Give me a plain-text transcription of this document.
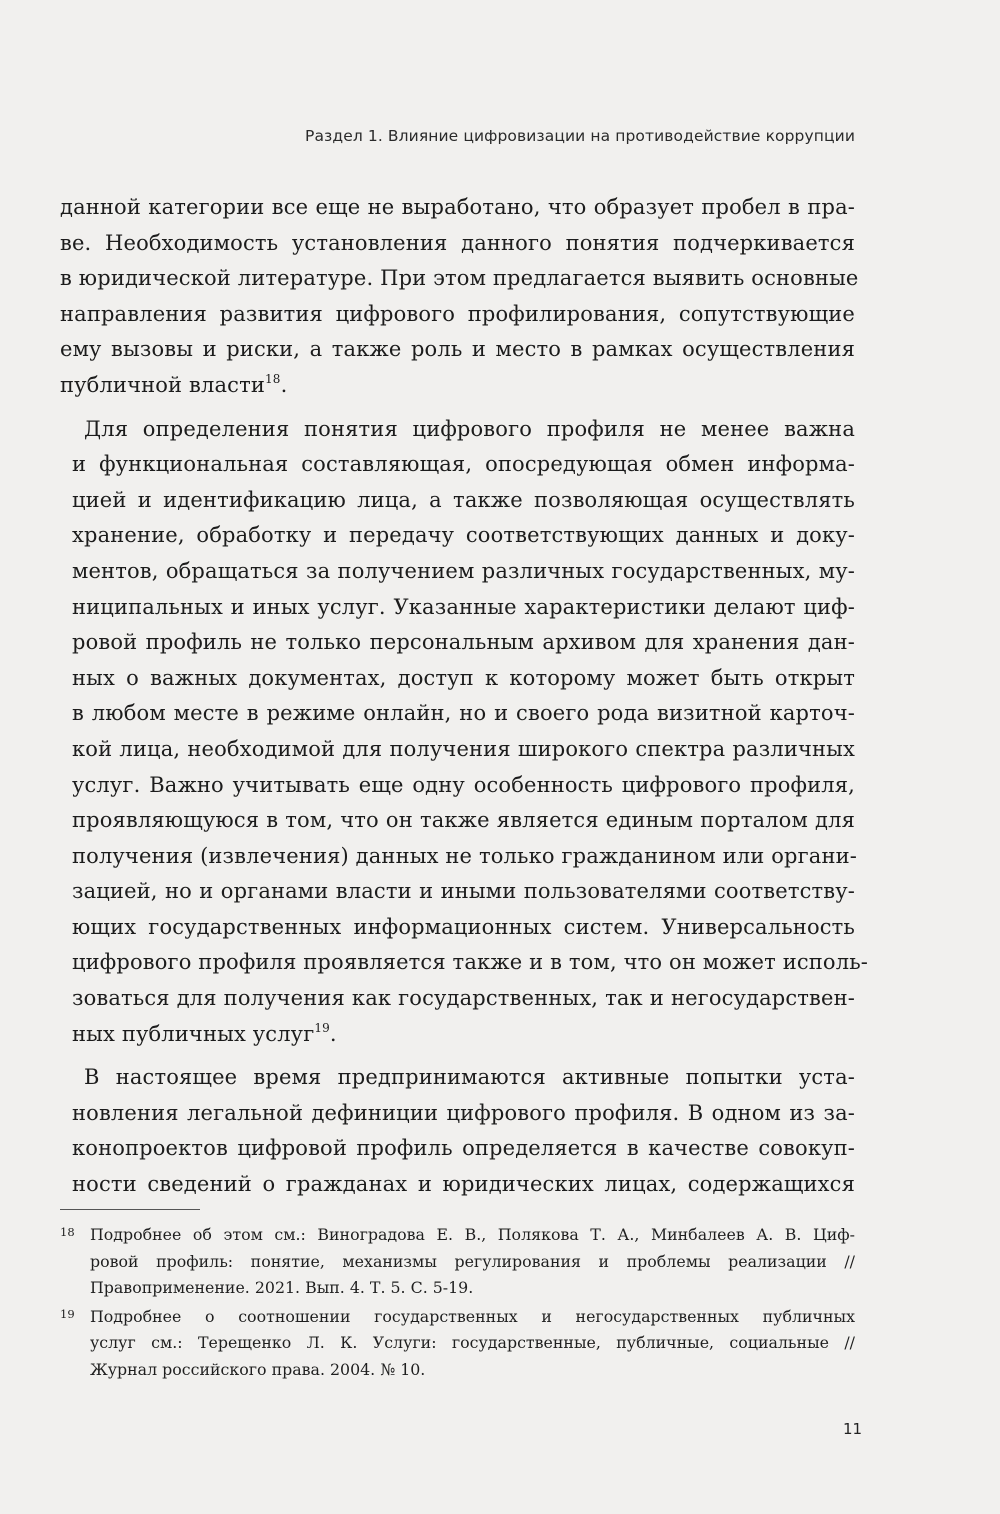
Раздел 1. Влияние цифровизации на противодействие коррупции

данной категории все еще не выработано, что образует пробел в пра-
ве. Необходимость установления данного понятия подчеркивается
в юридической литературе. При этом предлагается выявить основные
направления развития цифрового профилирования, сопутствующие
ему вызовы и риски, а также роль и место в рамках осуществления
публичной власти$^{18}$.

Для определения понятия цифрового профиля не менее важна
и функциональная составляющая, опосредующая обмен информа-
цией и идентификацию лица, а также позволяющая осуществлять
хранение, обработку и передачу соответствующих данных и доку-
ментов, обращаться за получением различных государственных, му-
ниципальных и иных услуг. Указанные характеристики делают циф-
ровой профиль не только персональным архивом для хранения дан-
ных о важных документах, доступ к которому может быть открыт
в любом месте в режиме онлайн, но и своего рода визитной карточ-
кой лица, необходимой для получения широкого спектра различных
услуг. Важно учитывать еще одну особенность цифрового профиля,
проявляющуюся в том, что он также является единым порталом для
получения (извлечения) данных не только гражданином или органи-
зацией, но и органами власти и иными пользователями соответству-
ющих государственных информационных систем. Универсальность
цифрового профиля проявляется также и в том, что он может исполь-
зоваться для получения как государственных, так и негосударствен-
ных публичных услуг$^{19}$.

В настоящее время предпринимаются активные попытки уста-
новления легальной дефиниции цифрового профиля. В одном из за-
конопроектов цифровой профиль определяется в качестве совокуп-
ности сведений о гражданах и юридических лицах, содержащихся

18 Подробнее об этом см.: Виноградова Е. В., Полякова Т. А., Минбалеев А. В. Циф-
ровой профиль: понятие, механизмы регулирования и проблемы реализации //
Правоприменение. 2021. Вып. 4. Т. 5. С. 5-19.
19 Подробнее о соотношении государственных и негосударственных публичных
услуг см.: Терещенко Л. К. Услуги: государственные, публичные, социальные //
Журнал российского права. 2004. № 10.
11
